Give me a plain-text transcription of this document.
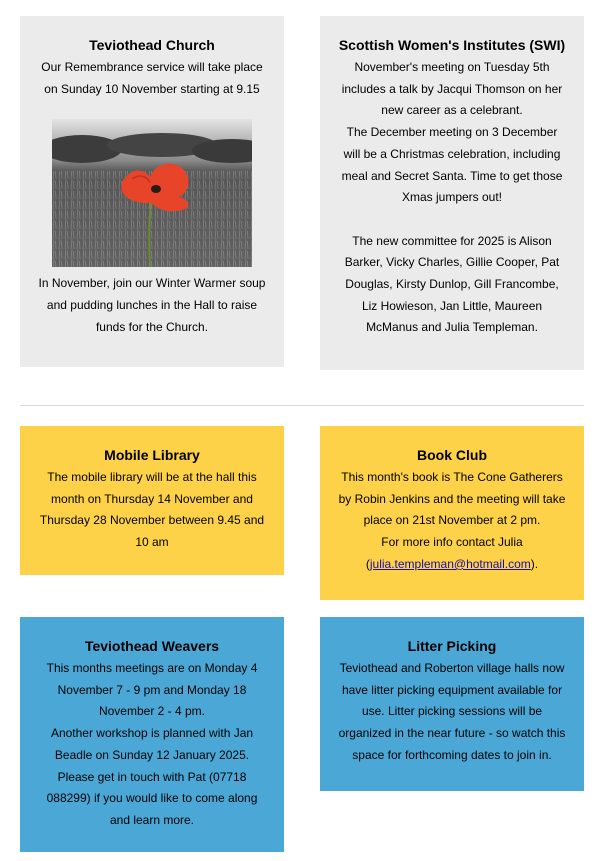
Teviothead Church

Our Remembrance service will take place on Sunday 10 November starting at 9.15

In November, join our Winter Warmer soup and pudding lunches in the Hall to raise funds for the Church.

Scottish Women's Institutes (SWI)

November's meeting on Tuesday 5th includes a talk by Jacqui Thomson on her new career as a celebrant.

The December meeting on 3 December will be a Christmas celebration, including meal and Secret Santa. Time to get those Xmas jumpers out!

The new committee for 2025 is Alison Barker, Vicky Charles, Gillie Cooper, Pat Douglas, Kirsty Dunlop, Gill Francombe, Liz Howieson, Jan Little, Maureen McManus and Julia Templeman.

Mobile Library

The mobile library will be at the hall this month on Thursday 14 November and Thursday 28 November between 9.45 and 10 am

Book Club

This month's book is The Cone Gatherers by Robin Jenkins and the meeting will take place on 21st November at 2 pm.

For more info contact Julia

(julia.templeman@hotmail.com).

Teviothead Weavers

This months meetings are on Monday 4 November 7 - 9 pm and Monday 18 November 2 - 4 pm.

Another workshop is planned with Jan Beadle on Sunday 12 January 2025.

Please get in touch with Pat (07718 088299) if you would like to come along and learn more.

Litter Picking

Teviothead and Roberton village halls now have litter picking equipment available for use. Litter picking sessions will be organized in the near future - so watch this space for forthcoming dates to join in.
